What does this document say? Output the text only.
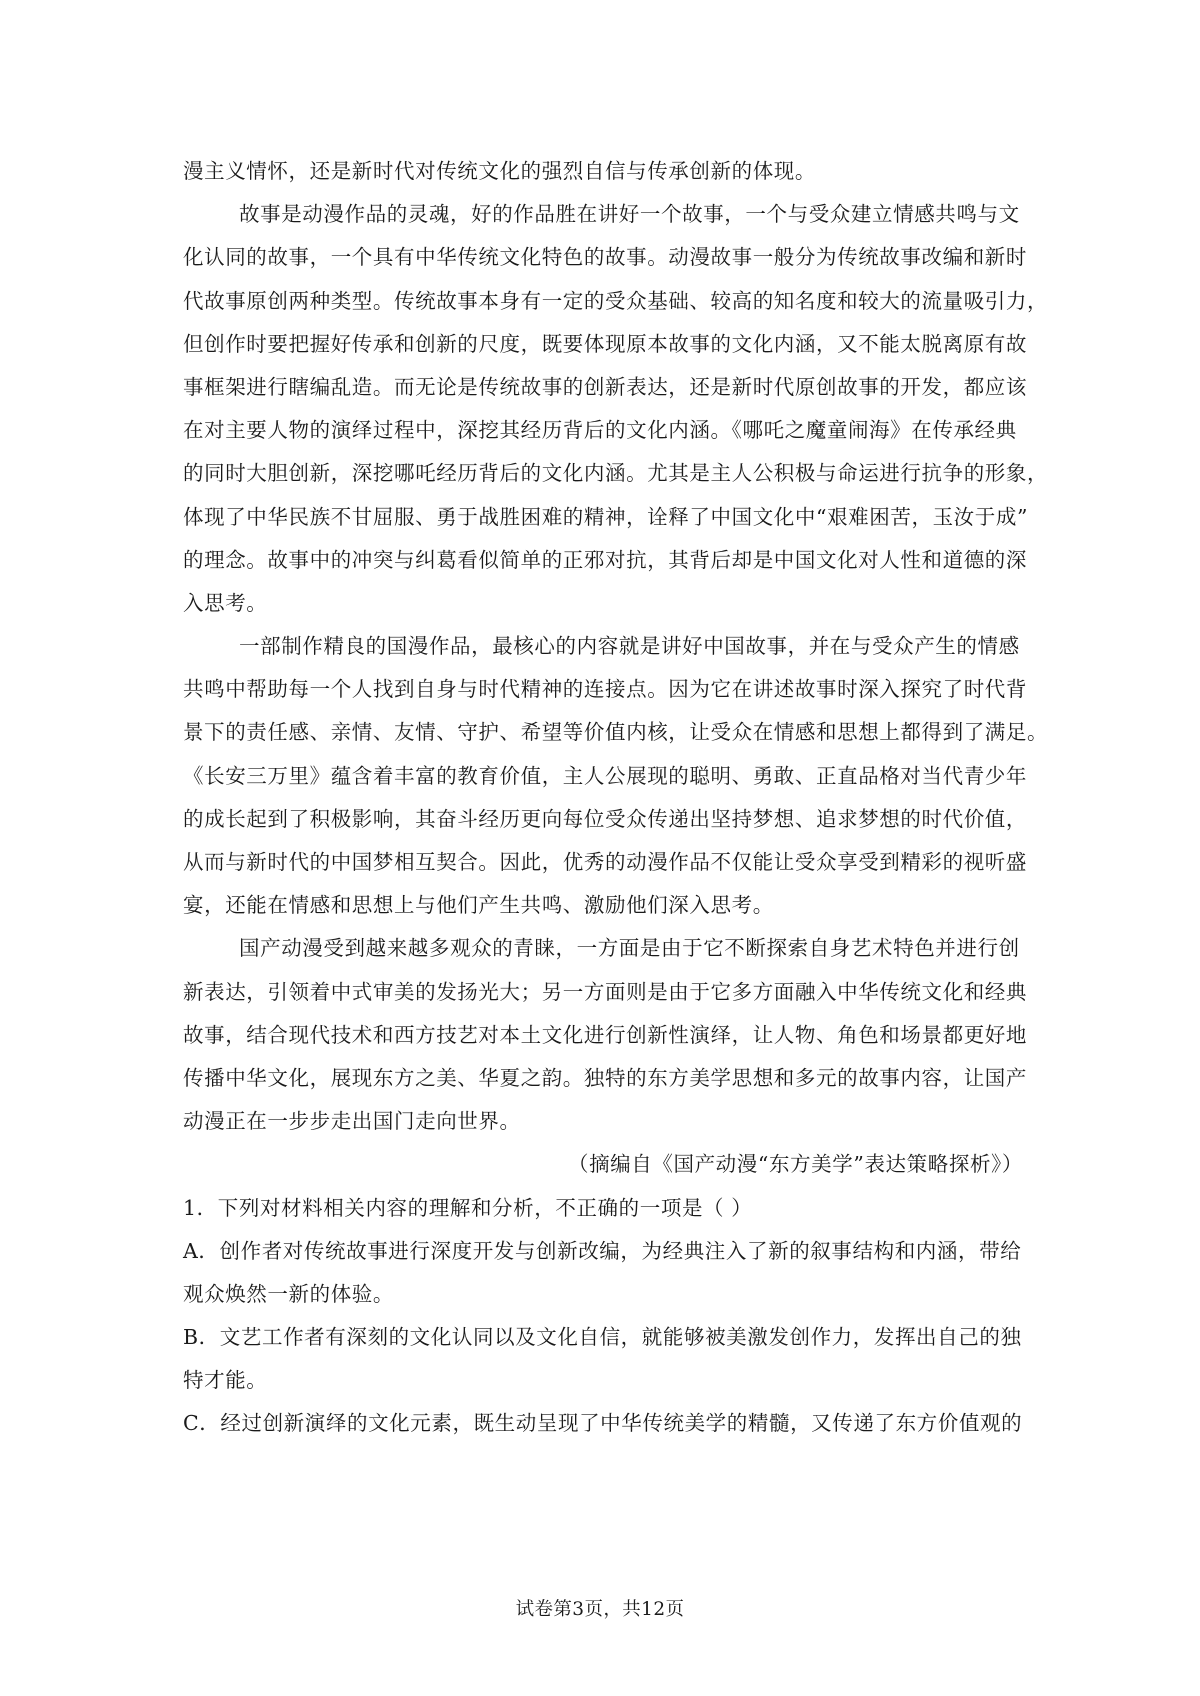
漫主义情怀，还是新时代对传统文化的强烈自信与传承创新的体现。
故事是动漫作品的灵魂，好的作品胜在讲好一个故事，一个与受众建立情感共鸣与文
化认同的故事，一个具有中华传统文化特色的故事。动漫故事一般分为传统故事改编和新时
代故事原创两种类型。传统故事本身有一定的受众基础、较高的知名度和较大的流量吸引力，
但创作时要把握好传承和创新的尺度，既要体现原本故事的文化内涵，又不能太脱离原有故
事框架进行瞎编乱造。而无论是传统故事的创新表达，还是新时代原创故事的开发，都应该
在对主要人物的演绎过程中，深挖其经历背后的文化内涵。《哪吒之魔童闹海》在传承经典
的同时大胆创新，深挖哪吒经历背后的文化内涵。尤其是主人公积极与命运进行抗争的形象，
体现了中华民族不甘屈服、勇于战胜困难的精神，诠释了中国文化中“艰难困苦，玉汝于成”
的理念。故事中的冲突与纠葛看似简单的正邪对抗，其背后却是中国文化对人性和道德的深
入思考。
一部制作精良的国漫作品，最核心的内容就是讲好中国故事，并在与受众产生的情感
共鸣中帮助每一个人找到自身与时代精神的连接点。因为它在讲述故事时深入探究了时代背
景下的责任感、亲情、友情、守护、希望等价值内核，让受众在情感和思想上都得到了满足。
《长安三万里》蕴含着丰富的教育价值，主人公展现的聪明、勇敢、正直品格对当代青少年
的成长起到了积极影响，其奋斗经历更向每位受众传递出坚持梦想、追求梦想的时代价值，
从而与新时代的中国梦相互契合。因此，优秀的动漫作品不仅能让受众享受到精彩的视听盛
宴，还能在情感和思想上与他们产生共鸣、激励他们深入思考。
国产动漫受到越来越多观众的青睐，一方面是由于它不断探索自身艺术特色并进行创
新表达，引领着中式审美的发扬光大；另一方面则是由于它多方面融入中华传统文化和经典
故事，结合现代技术和西方技艺对本土文化进行创新性演绎，让人物、角色和场景都更好地
传播中华文化，展现东方之美、华夏之韵。独特的东方美学思想和多元的故事内容，让国产
动漫正在一步步走出国门走向世界。
（摘编自《国产动漫“东方美学”表达策略探析》）
1．下列对材料相关内容的理解和分析，不正确的一项是（ ）
A．创作者对传统故事进行深度开发与创新改编，为经典注入了新的叙事结构和内涵，带给
观众焕然一新的体验。
B．文艺工作者有深刻的文化认同以及文化自信，就能够被美激发创作力，发挥出自己的独
特才能。
C．经过创新演绎的文化元素，既生动呈现了中华传统美学的精髓，又传递了东方价值观的
试卷第3页，共12页
